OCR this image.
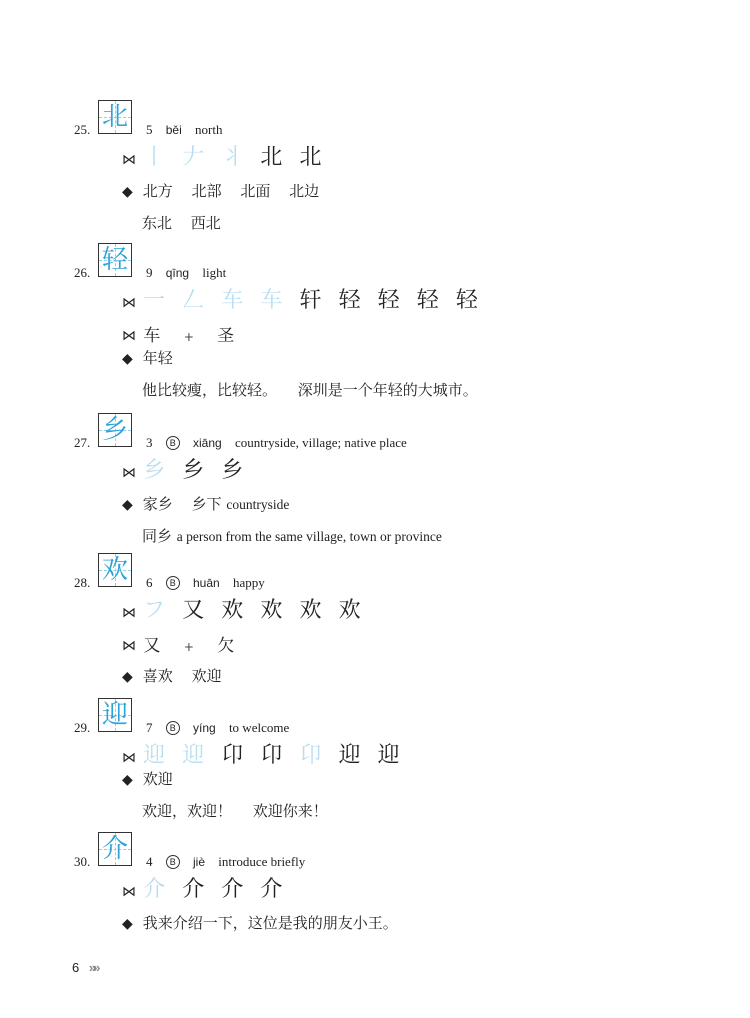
25. 北 5 běi north
⋈ 丨 𠂇 丬 北 北
◆ 北方 北部 北面 北边
东北 西北
26. 轻 9 qīng light
⋈ 一 𠃋 车 车 轩 轻 轻 轻 轻
⋈ 车 + 圣
◆ 年轻
他比较瘦，比较轻。 深圳是一个年轻的大城市。
27. 乡 3 B xiāng countryside, village; native place
⋈ 乡 乡 乡
◆ 家乡 乡下 countryside
同乡 a person from the same village, town or province
28. 欢 6 B huān happy
⋈ フ 又 欢 欢 欢 欢
⋈ 又 + 欠
◆ 喜欢 欢迎
29. 迎 7 B yíng to welcome
⋈ 迎 迎 卬 卬 卬 迎 迎
◆ 欢迎
欢迎，欢迎！ 欢迎你来！
30. 介 4 B jiè introduce briefly
⋈ 介 介 介 介
◆ 我来介绍一下，这位是我的朋友小王。
6 »»
